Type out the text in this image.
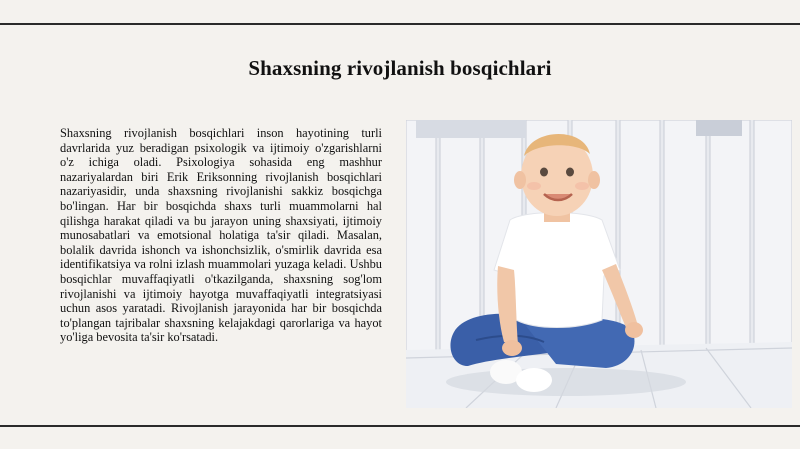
Shaxsning rivojlanish bosqichlari
Shaxsning rivojlanish bosqichlari inson hayotining turli davrlarida yuz beradigan psixologik va ijtimoiy o'zgarishlarni o'z ichiga oladi. Psixologiya sohasida eng mashhur nazariyalardan biri Erik Eriksonning rivojlanish bosqichlari nazariyasidir, unda shaxsning rivojlanishi sakkiz bosqichga bo'lingan. Har bir bosqichda shaxs turli muammolarni hal qilishga harakat qiladi va bu jarayon uning shaxsiyati, ijtimoiy munosabatlari va emotsional holatiga ta'sir qiladi. Masalan, bolalik davrida ishonch va ishonchsizlik, o'smirlik davrida esa identifikatsiya va rolni izlash muammolari yuzaga keladi. Ushbu bosqichlar muvaffaqiyatli o'tkazilganda, shaxsning sog'lom rivojlanishi va ijtimoiy hayotga muvaffaqiyatli integratsiyasi uchun asos yaratadi. Rivojlanish jarayonida har bir bosqichda to'plangan tajribalar shaxsning kelajakdagi qarorlariga va hayot yo'liga bevosita ta'sir ko'rsatadi.
